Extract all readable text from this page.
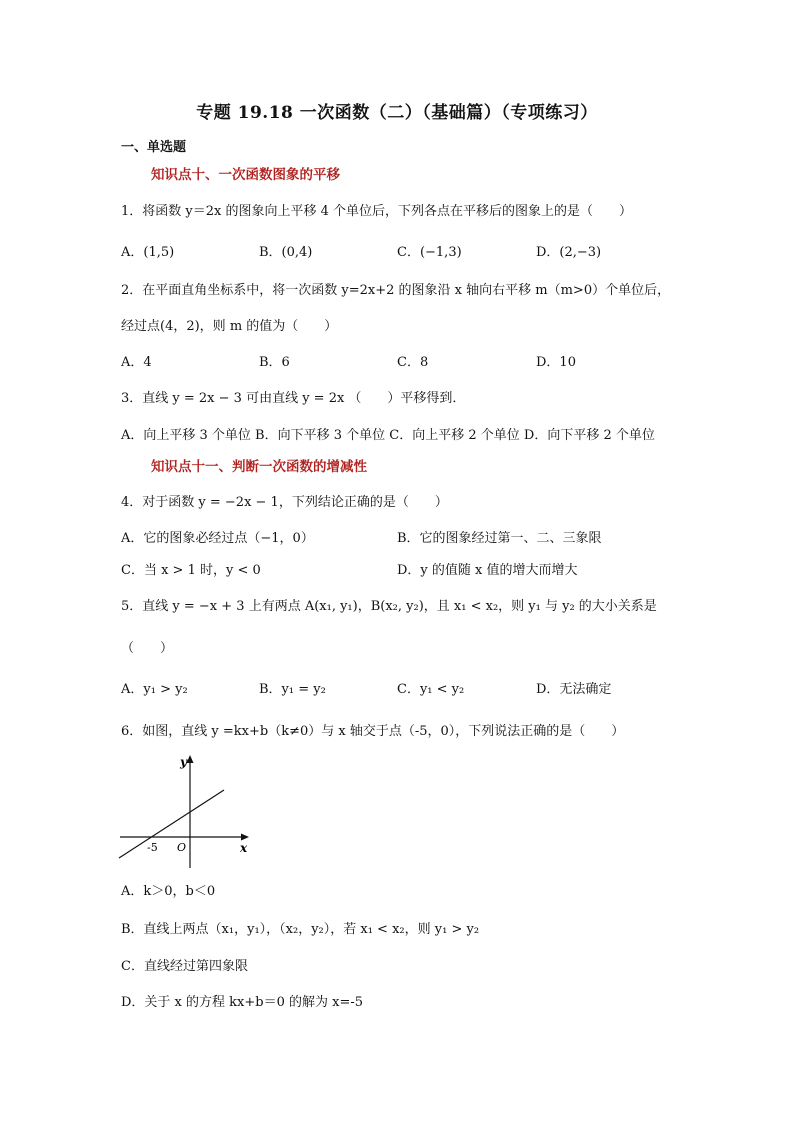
专题 19.18 一次函数（二）（基础篇）（专项练习）
一、单选题
知识点十、一次函数图象的平移
1．将函数 y＝2x 的图象向上平移 4 个单位后，下列各点在平移后的图象上的是（　　）
A．(1,5)	B．(0,4)	C．(−1,3)	D．(2,−3)
2．在平面直角坐标系中，将一次函数 y=2x+2 的图象沿 x 轴向右平移 m（m>0）个单位后，
经过点(4，2)，则 m 的值为（　　）
A．4	B．6	C．8	D．10
3．直线 y = 2x − 3 可由直线 y = 2x （　　）平移得到．
A．向上平移 3 个单位 B．向下平移 3 个单位 C．向上平移 2 个单位 D．向下平移 2 个单位
知识点十一、判断一次函数的增减性
4．对于函数 y = −2x − 1，下列结论正确的是（　　）
A．它的图象必经过点（−1，0）	B．它的图象经过第一、二、三象限
C．当 x > 1 时，y < 0	D．y 的值随 x 值的增大而增大
5．直线 y = −x + 3 上有两点 A(x₁, y₁)，B(x₂, y₂)，且 x₁ < x₂，则 y₁ 与 y₂ 的大小关系是
（　　）
A．y₁ > y₂	B．y₁ = y₂	C．y₁ < y₂	D．无法确定
6．如图，直线 y =kx+b（k≠0）与 x 轴交于点（-5，0），下列说法正确的是（　　）
y
x
O
-5
A．k＞0，b＜0
B．直线上两点（x₁，y₁），（x₂，y₂），若 x₁ < x₂，则 y₁ > y₂
C．直线经过第四象限
D．关于 x 的方程 kx+b＝0 的解为 x=-5
